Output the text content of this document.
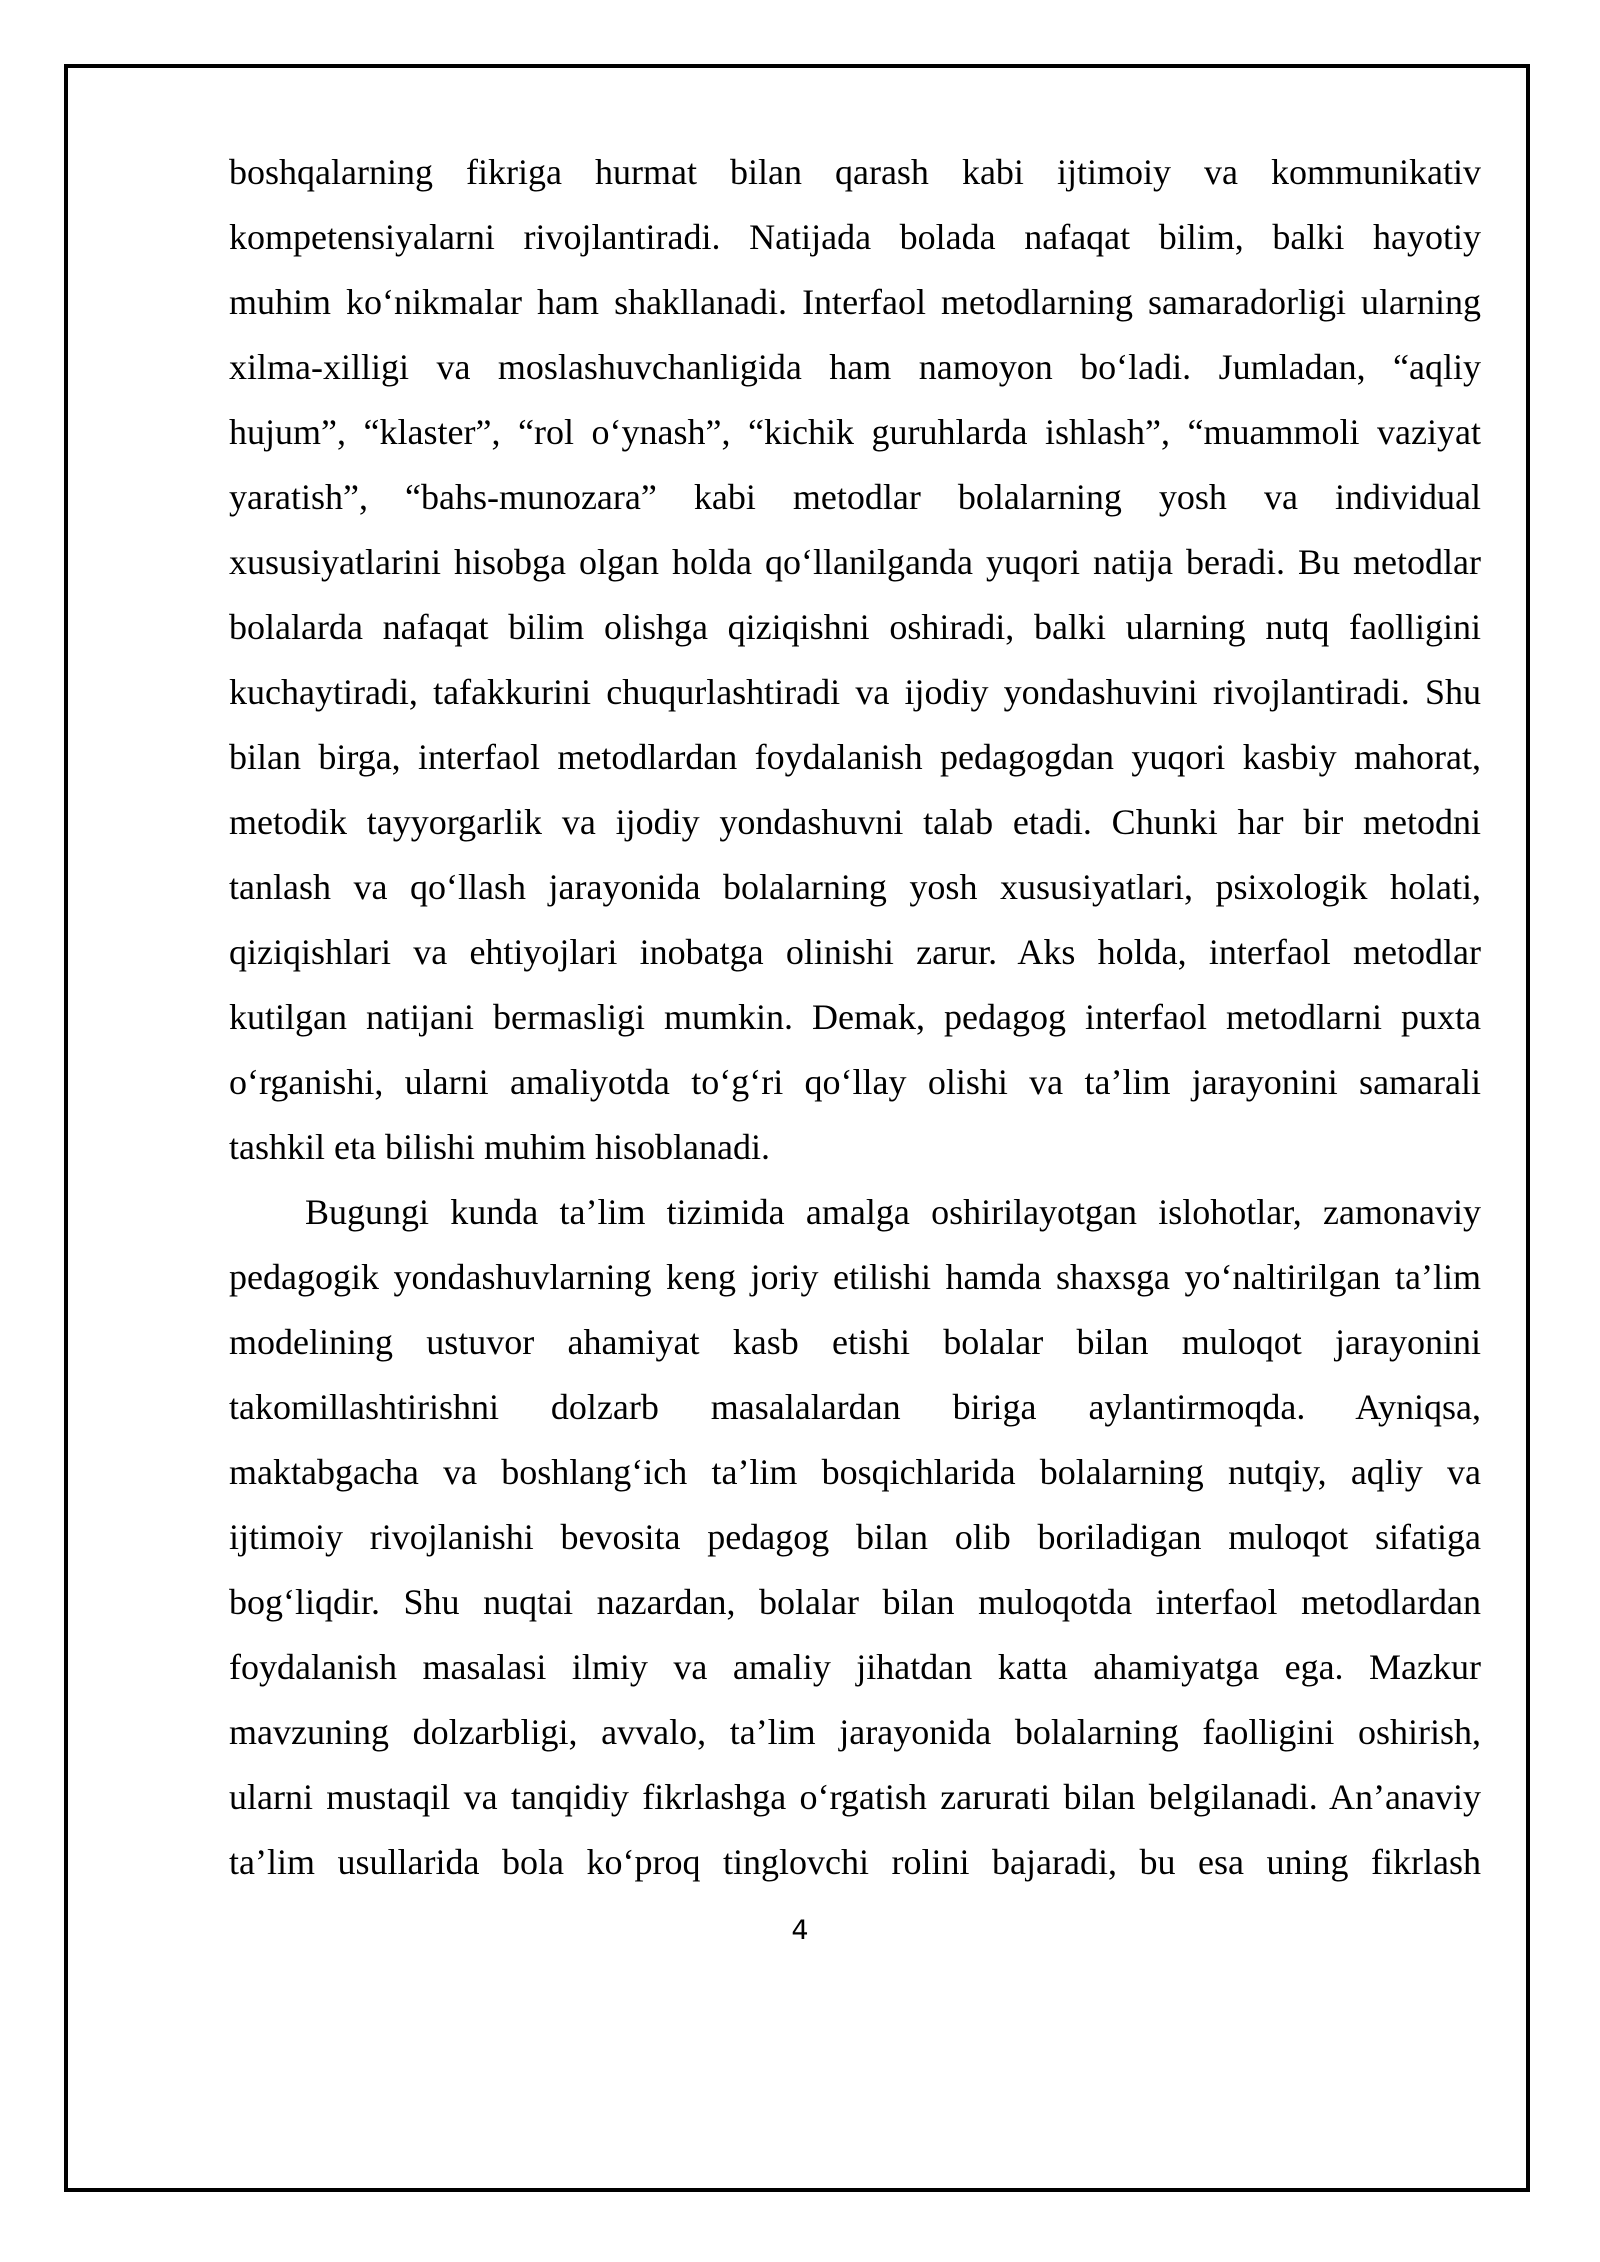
boshqalarning fikriga hurmat bilan qarash kabi ijtimoiy va kommunikativ
kompetensiyalarni rivojlantiradi. Natijada bolada nafaqat bilim, balki hayotiy
muhim ko‘nikmalar ham shakllanadi. Interfaol metodlarning samaradorligi ularning
xilma-xilligi va moslashuvchanligida ham namoyon bo‘ladi. Jumladan, “aqliy
hujum”, “klaster”, “rol o‘ynash”, “kichik guruhlarda ishlash”, “muammoli vaziyat
yaratish”, “bahs-munozara” kabi metodlar bolalarning yosh va individual
xususiyatlarini hisobga olgan holda qo‘llanilganda yuqori natija beradi. Bu metodlar
bolalarda nafaqat bilim olishga qiziqishni oshiradi, balki ularning nutq faolligini
kuchaytiradi, tafakkurini chuqurlashtiradi va ijodiy yondashuvini rivojlantiradi. Shu
bilan birga, interfaol metodlardan foydalanish pedagogdan yuqori kasbiy mahorat,
metodik tayyorgarlik va ijodiy yondashuvni talab etadi. Chunki har bir metodni
tanlash va qo‘llash jarayonida bolalarning yosh xususiyatlari, psixologik holati,
qiziqishlari va ehtiyojlari inobatga olinishi zarur. Aks holda, interfaol metodlar
kutilgan natijani bermasligi mumkin. Demak, pedagog interfaol metodlarni puxta
o‘rganishi, ularni amaliyotda to‘g‘ri qo‘llay olishi va ta’lim jarayonini samarali
tashkil eta bilishi muhim hisoblanadi.
Bugungi kunda ta’lim tizimida amalga oshirilayotgan islohotlar, zamonaviy
pedagogik yondashuvlarning keng joriy etilishi hamda shaxsga yo‘naltirilgan ta’lim
modelining ustuvor ahamiyat kasb etishi bolalar bilan muloqot jarayonini
takomillashtirishni dolzarb masalalardan biriga aylantirmoqda. Ayniqsa,
maktabgacha va boshlang‘ich ta’lim bosqichlarida bolalarning nutqiy, aqliy va
ijtimoiy rivojlanishi bevosita pedagog bilan olib boriladigan muloqot sifatiga
bog‘liqdir. Shu nuqtai nazardan, bolalar bilan muloqotda interfaol metodlardan
foydalanish masalasi ilmiy va amaliy jihatdan katta ahamiyatga ega. Mazkur
mavzuning dolzarbligi, avvalo, ta’lim jarayonida bolalarning faolligini oshirish,
ularni mustaqil va tanqidiy fikrlashga o‘rgatish zarurati bilan belgilanadi. An’anaviy
ta’lim usullarida bola ko‘proq tinglovchi rolini bajaradi, bu esa uning fikrlash
4
